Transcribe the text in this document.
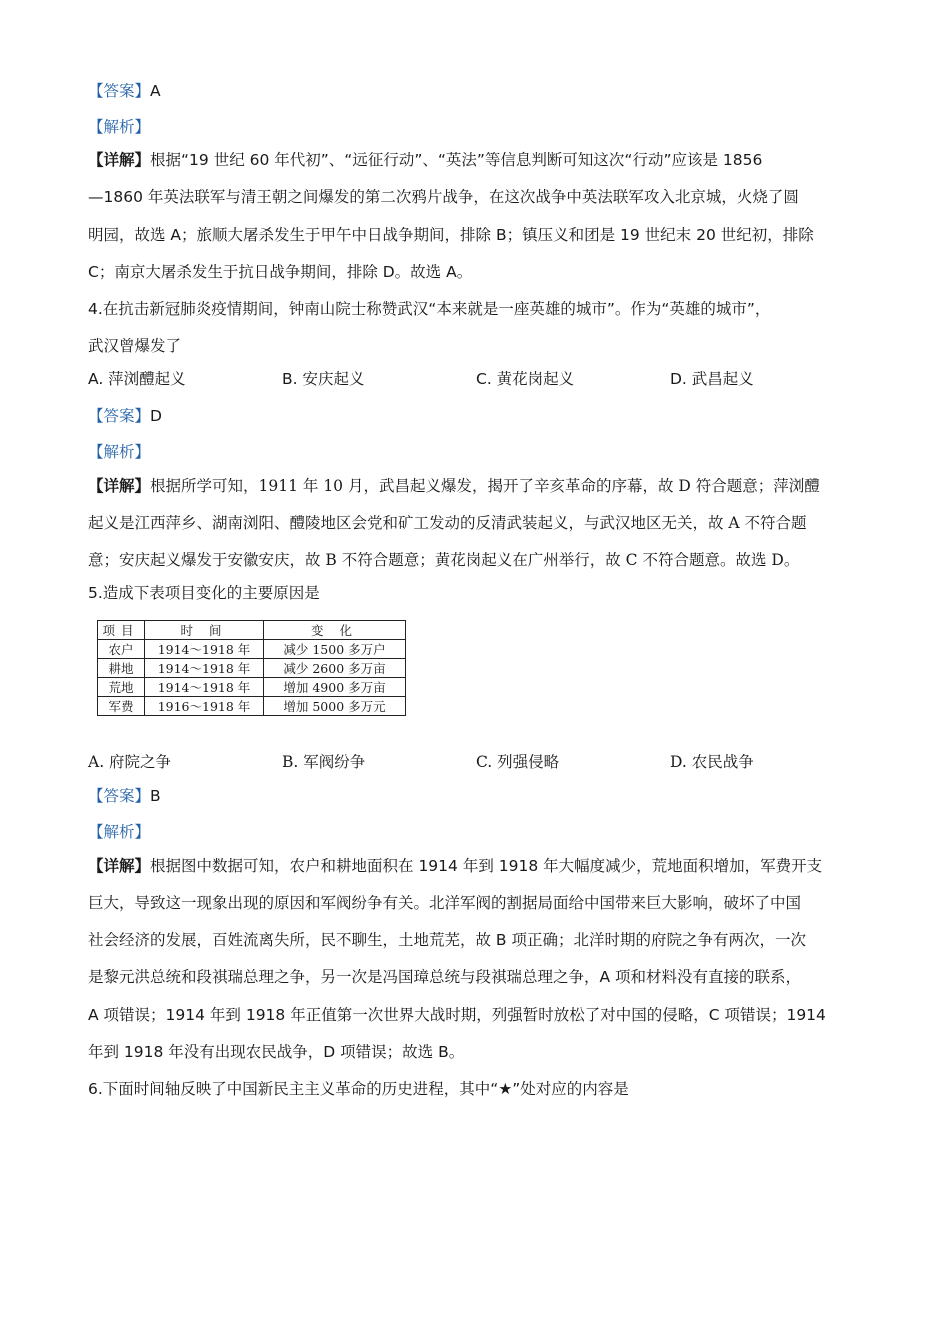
【答案】A
【解析】
【详解】根据“19 世纪 60 年代初”、“远征行动”、“英法”等信息判断可知这次“行动”应该是 1856
—1860 年英法联军与清王朝之间爆发的第二次鸦片战争，在这次战争中英法联军攻入北京城，火烧了圆
明园，故选 A；旅顺大屠杀发生于甲午中日战争期间，排除 B；镇压义和团是 19 世纪末 20 世纪初，排除
C；南京大屠杀发生于抗日战争期间，排除 D。故选 A。
4.在抗击新冠肺炎疫情期间，钟南山院士称赞武汉“本来就是一座英雄的城市”。作为“英雄的城市”，
武汉曾爆发了
A. 萍浏醴起义	B. 安庆起义	C. 黄花岗起义	D. 武昌起义
【答案】D
【解析】
【详解】根据所学可知，1911 年 10 月，武昌起义爆发，揭开了辛亥革命的序幕，故 D 符合题意；萍浏醴
起义是江西萍乡、湖南浏阳、醴陵地区会党和矿工发动的反清武装起义，与武汉地区无关，故 A 不符合题
意；安庆起义爆发于安徽安庆，故 B 不符合题意；黄花岗起义在广州举行，故 C 不符合题意。故选 D。
5.造成下表项目变化的主要原因是
项目	时 间	变 化
农户	1914～1918 年	减少 1500 多万户
耕地	1914～1918 年	减少 2600 多万亩
荒地	1914～1918 年	增加 4900 多万亩
军费	1916～1918 年	增加 5000 多万元
A. 府院之争	B. 军阀纷争	C. 列强侵略	D. 农民战争
【答案】B
【解析】
【详解】根据图中数据可知，农户和耕地面积在 1914 年到 1918 年大幅度减少，荒地面积增加，军费开支
巨大，导致这一现象出现的原因和军阀纷争有关。北洋军阀的割据局面给中国带来巨大影响，破坏了中国
社会经济的发展，百姓流离失所，民不聊生，土地荒芜，故 B 项正确；北洋时期的府院之争有两次，一次
是黎元洪总统和段祺瑞总理之争，另一次是冯国璋总统与段祺瑞总理之争，A 项和材料没有直接的联系，
A 项错误；1914 年到 1918 年正值第一次世界大战时期，列强暂时放松了对中国的侵略，C 项错误；1914
年到 1918 年没有出现农民战争，D 项错误；故选 B。
6.下面时间轴反映了中国新民主主义革命的历史进程，其中“★”处对应的内容是
